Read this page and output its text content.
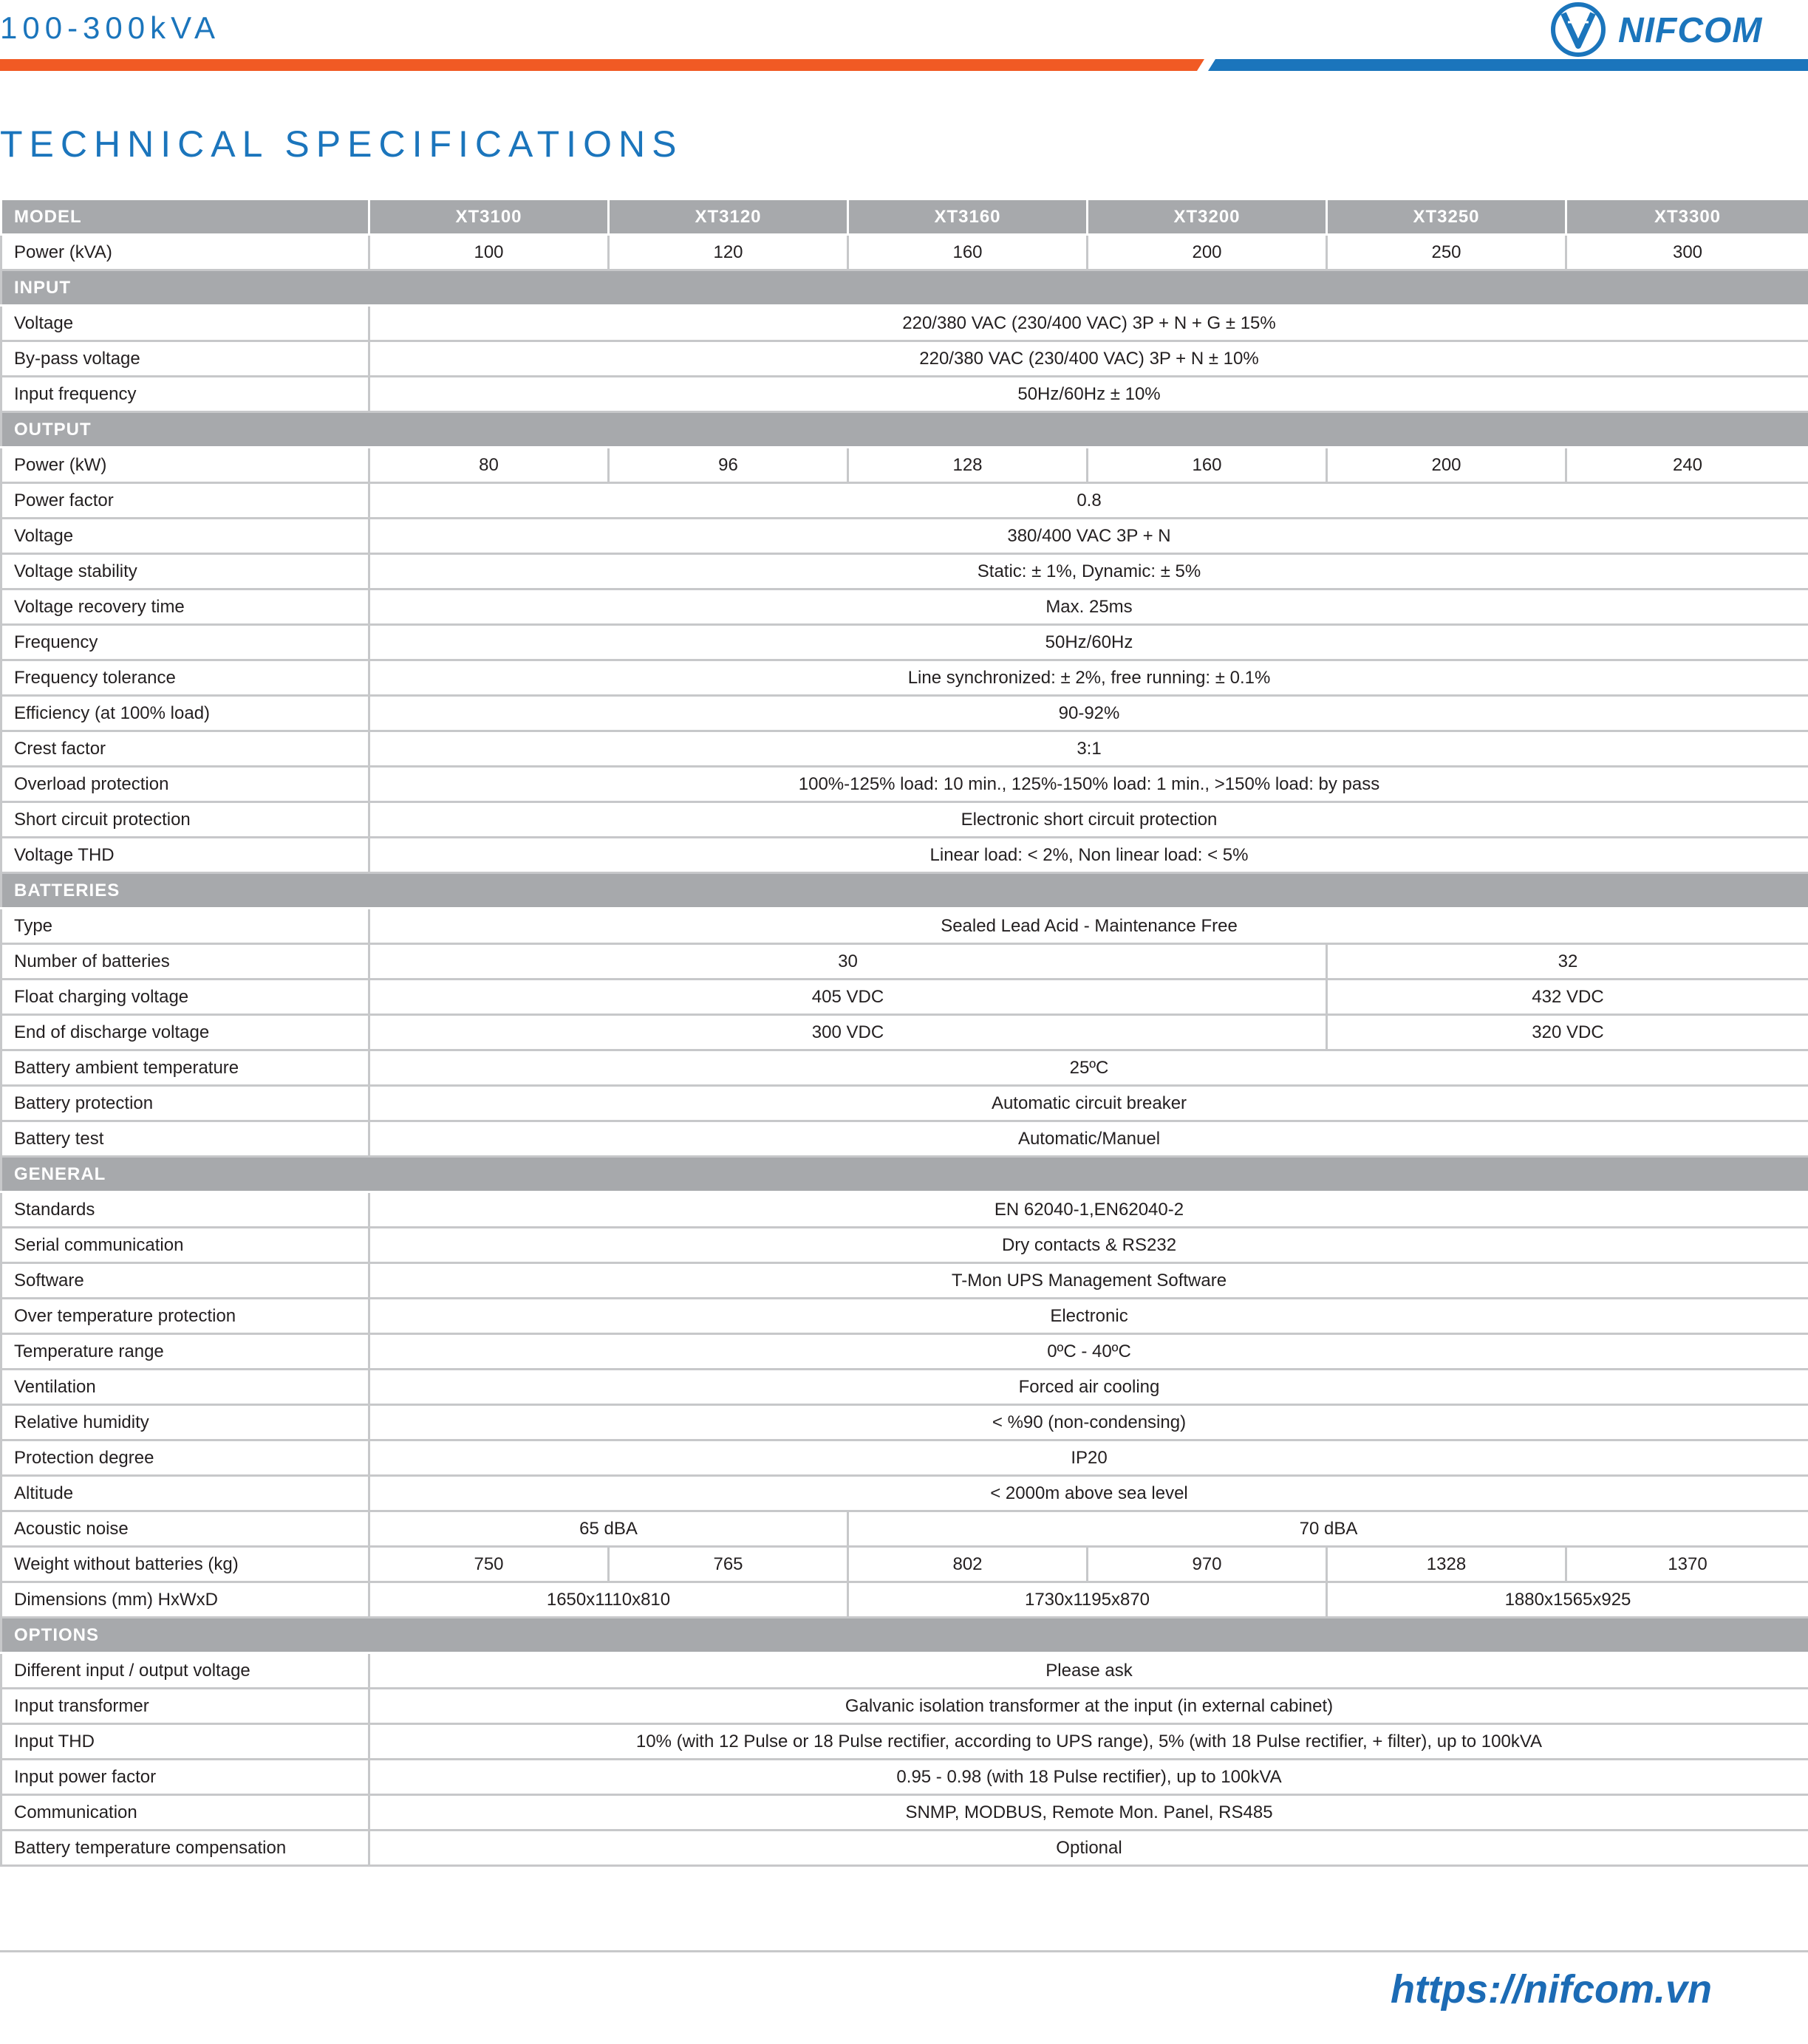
100-300kVA	NIFCOM
TECHNICAL SPECIFICATIONS
MODEL	XT3100	XT3120	XT3160	XT3200	XT3250	XT3300
Power (kVA)	100	120	160	200	250	300
INPUT						
Voltage	220/380 VAC (230/400 VAC) 3P + N + G ± 15%					
By-pass voltage	220/380 VAC (230/400 VAC) 3P + N ± 10%					
Input frequency	50Hz/60Hz ± 10%					
OUTPUT						
Power (kW)	80	96	128	160	200	240
Power factor	0.8					
Voltage	380/400 VAC 3P + N					
Voltage stability	Static: ± 1%, Dynamic: ± 5%					
Voltage recovery time	Max. 25ms					
Frequency	50Hz/60Hz					
Frequency tolerance	Line synchronized: ± 2%, free running: ± 0.1%					
Efficiency (at 100% load)	90-92%					
Crest factor	3:1					
Overload protection	100%-125% load: 10 min., 125%-150% load: 1 min., >150% load: by pass					
Short circuit protection	Electronic short circuit protection					
Voltage THD	Linear load: < 2%, Non linear load: < 5%					
BATTERIES						
Type	Sealed Lead Acid - Maintenance Free					
Number of batteries	30				32	
Float charging voltage	405 VDC				432 VDC	
End of discharge voltage	300 VDC				320 VDC	
Battery ambient temperature	25ºC					
Battery protection	Automatic circuit breaker					
Battery test	Automatic/Manuel					
GENERAL						
Standards	EN 62040-1,EN62040-2					
Serial communication	Dry contacts & RS232					
Software	T-Mon UPS Management Software					
Over temperature protection	Electronic					
Temperature range	0ºC - 40ºC					
Ventilation	Forced air cooling					
Relative humidity	< %90 (non-condensing)					
Protection degree	IP20					
Altitude	< 2000m above sea level					
Acoustic noise	65 dBA		70 dBA			
Weight without batteries (kg)	750	765	802	970	1328	1370
Dimensions (mm) HxWxD	1650x1110x810		1730x1195x870		1880x1565x925	
OPTIONS						
Different input / output voltage	Please ask					
Input transformer	Galvanic isolation transformer at the input (in external cabinet)					
Input THD	10% (with 12 Pulse or 18 Pulse rectifier, according to UPS range), 5% (with 18 Pulse rectifier, + filter), up to 100kVA					
Input power factor	0.95 - 0.98 (with 18 Pulse rectifier), up to 100kVA					
Communication	SNMP, MODBUS, Remote Mon. Panel, RS485					
Battery temperature compensation	Optional					
https://nifcom.vn
